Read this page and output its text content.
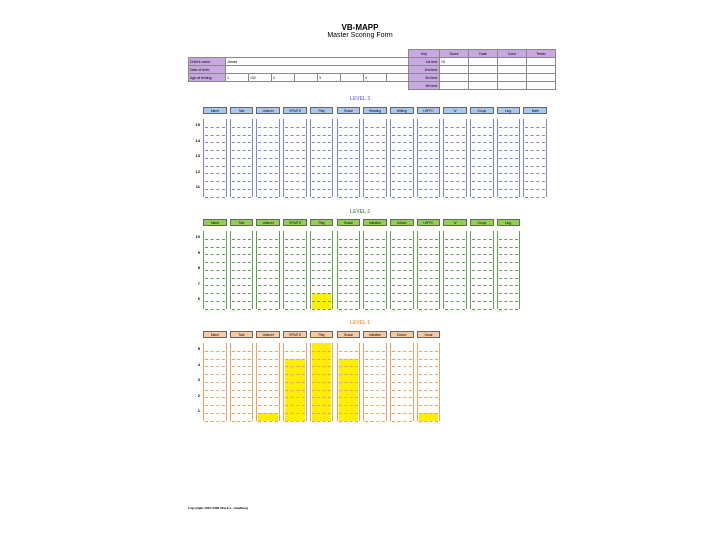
VB-MAPP
Master Scoring Form
Child's name:	James							
Date of birth:								
Age at testing:	1	132	2		3		4	
Key	Score	Date	Color	Tester
1st test:	15			
2nd test:				
3rd test:				
4th test:				
LEVEL 3
Mand
○○○○
Tact
○○○○
Listener
○○○○
VP/MTS
○○○○
Play
○○○○
Social
○○○○
Reading
○○○○
Writing
○○○○
LRFFC
○○○○
IV
○○○○
Group
○○○○
Ling.
○○○○
Math
○○○○
15
14
13
12
11
LEVEL 2
Mand
○○○○
Tact
○○○○
Listener
○○○○
VP/MTS
○○○○
Play
○○○○
Social
○○○○
Imitation
○○○○
Echoic
○○○○
LRFFC
○○○○
IV
○○○○
Group
○○○○
Ling.
○○○○
10
9
8
7
6
LEVEL 1
Mand
○○○○
Tact
○○○○
Listener
○○○○
VP/MTS
○○○○
Play
○○○○
Social
○○○○
Imitation
○○○○
Echoic
○○○○
Vocal
○○○○
5
4
3
2
1
Copyright 2007/2008 Mark L. Sundberg
